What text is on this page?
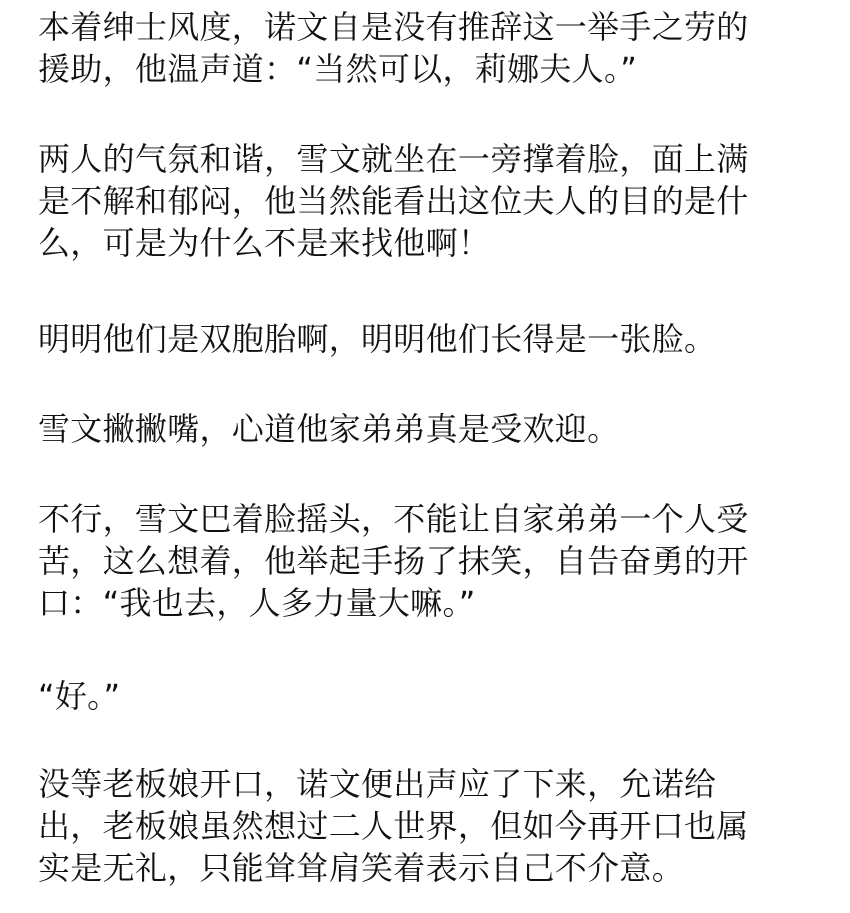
本着绅士风度，诺文自是没有推辞这一举手之劳的
援助，他温声道：“当然可以，莉娜夫人。”
两人的气氛和谐，雪文就坐在一旁撑着脸，面上满
是不解和郁闷，他当然能看出这位夫人的目的是什
么，可是为什么不是来找他啊！
明明他们是双胞胎啊，明明他们长得是一张脸。
雪文撇撇嘴，心道他家弟弟真是受欢迎。
不行，雪文巴着脸摇头，不能让自家弟弟一个人受
苦，这么想着，他举起手扬了抹笑，自告奋勇的开
口：“我也去，人多力量大嘛。”
“好。”
没等老板娘开口，诺文便出声应了下来，允诺给
出，老板娘虽然想过二人世界，但如今再开口也属
实是无礼，只能耸耸肩笑着表示自己不介意。
